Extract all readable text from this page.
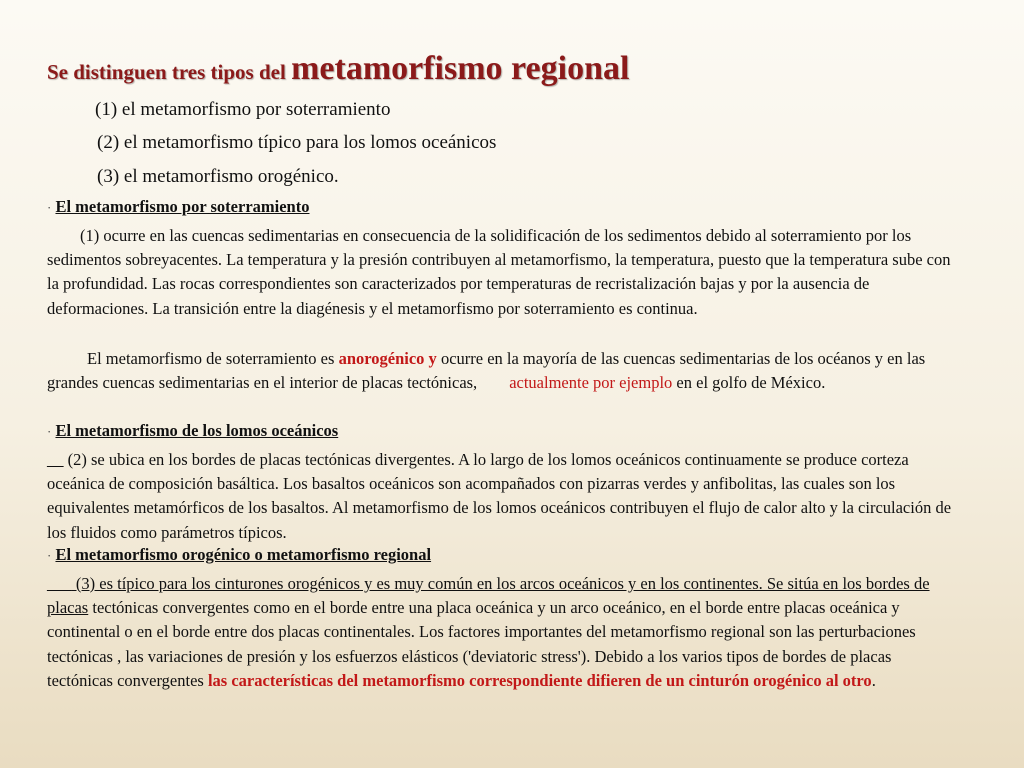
Se distinguen tres tipos del metamorfismo regional

(1) el metamorfismo por soterramiento

(2) el metamorfismo típico para los lomos oceánicos

(3) el metamorfismo orogénico.

· El metamorfismo por soterramiento

(1) ocurre en las cuencas sedimentarias en consecuencia de la solidificación de los sedimentos debido al soterramiento por los sedimentos sobreyacentes. La temperatura y la presión contribuyen al metamorfismo, la temperatura, puesto que la temperatura sube con la profundidad. Las rocas correspondientes son caracterizados por temperaturas de recristalización bajas y por la ausencia de deformaciones. La transición entre la diagénesis y el metamorfismo por soterramiento es continua.

El metamorfismo de soterramiento es anorogénico y ocurre en la mayoría de las cuencas sedimentarias de los océanos y en las grandes cuencas sedimentarias en el interior de placas tectónicas, actualmente por ejemplo en el golfo de México.

· El metamorfismo de los lomos oceánicos

__ (2) se ubica en los bordes de placas tectónicas divergentes. A lo largo de los lomos oceánicos continuamente se produce corteza oceánica de composición basáltica. Los basaltos oceánicos son acompañados con pizarras verdes y anfibolitas, las cuales son los equivalentes metamórficos de los basaltos. Al metamorfismo de los lomos oceánicos contribuyen el flujo de calor alto y la circulación de los fluidos como parámetros típicos.

· El metamorfismo orogénico o metamorfismo regional

___ (3) es típico para los cinturones orogénicos y es muy común en los arcos oceánicos y en los continentes. Se sitúa en los bordes de placas tectónicas convergentes como en el borde entre una placa oceánica y un arco oceánico, en el borde entre placas oceánica y continental o en el borde entre dos placas continentales. Los factores importantes del metamorfismo regional son las perturbaciones tectónicas , las variaciones de presión y los esfuerzos elásticos ('deviatoric stress'). Debido a los varios tipos de bordes de placas tectónicas convergentes las características del metamorfismo correspondiente difieren de un cinturón orogénico al otro.
